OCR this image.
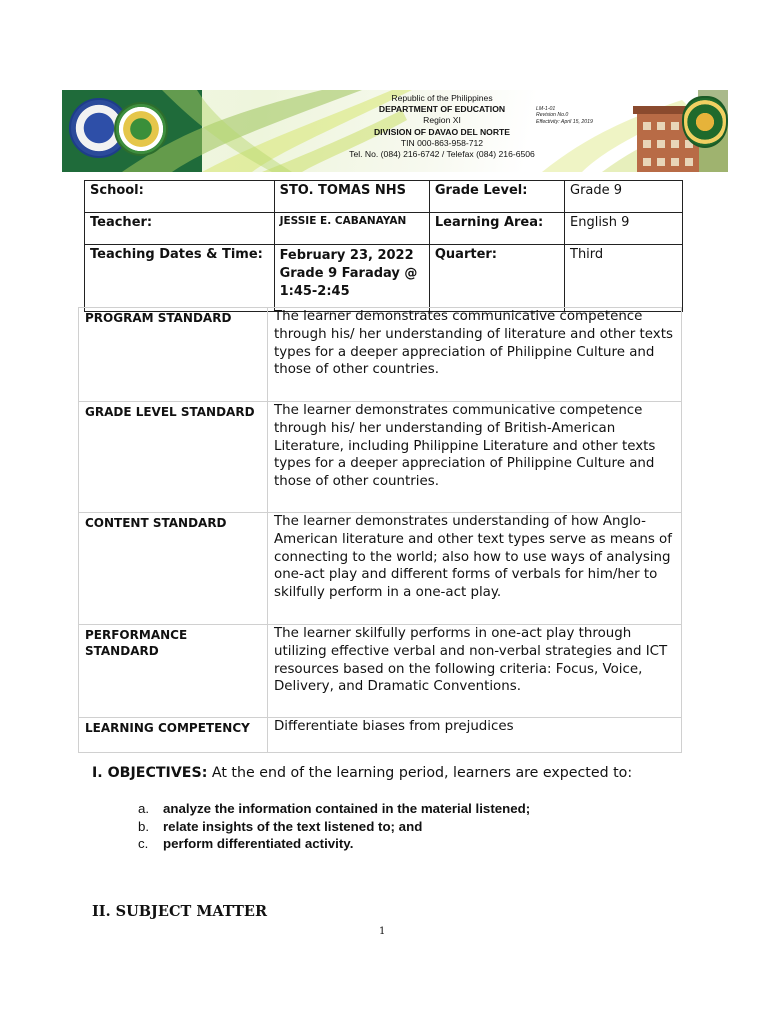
Republic of the Philippines
DEPARTMENT OF EDUCATION
Region XI
DIVISION OF DAVAO DEL NORTE
TIN 000-863-958-712
Tel. No. (084) 216-6742 / Telefax (084) 216-6506
LM-1-01
Revision No.0
Effectivity: April 15, 2019
School:	STO. TOMAS NHS	Grade Level:	Grade 9
Teacher:	JESSIE E. CABANAYAN	Learning Area:	English 9
Teaching Dates & Time:	February 23, 2022
Grade 9 Faraday @
1:45-2:45	Quarter:	Third
PROGRAM STANDARD	The learner demonstrates communicative competence through his/ her understanding of literature and other texts types for a deeper appreciation of Philippine Culture and those of other countries.
GRADE LEVEL STANDARD	The learner demonstrates communicative competence through his/ her understanding of British-American Literature, including Philippine Literature and other texts types for a deeper appreciation of Philippine Culture and those of other countries.
CONTENT STANDARD	The learner demonstrates understanding of how Anglo-American literature and other text types serve as means of connecting to the world; also how to use ways of analysing one-act play and different forms of verbals for him/her to skilfully perform in a one-act play.
PERFORMANCE STANDARD	The learner skilfully performs in one-act play through utilizing effective verbal and non-verbal strategies and ICT resources based on the following criteria: Focus, Voice, Delivery, and Dramatic Conventions.
LEARNING COMPETENCY	Differentiate biases from prejudices
I. OBJECTIVES: At the end of the learning period, learners are expected to:
a.	analyze the information contained in the material listened;
b.	relate insights of the text listened to; and
c.	perform differentiated activity.
II. SUBJECT MATTER
1
